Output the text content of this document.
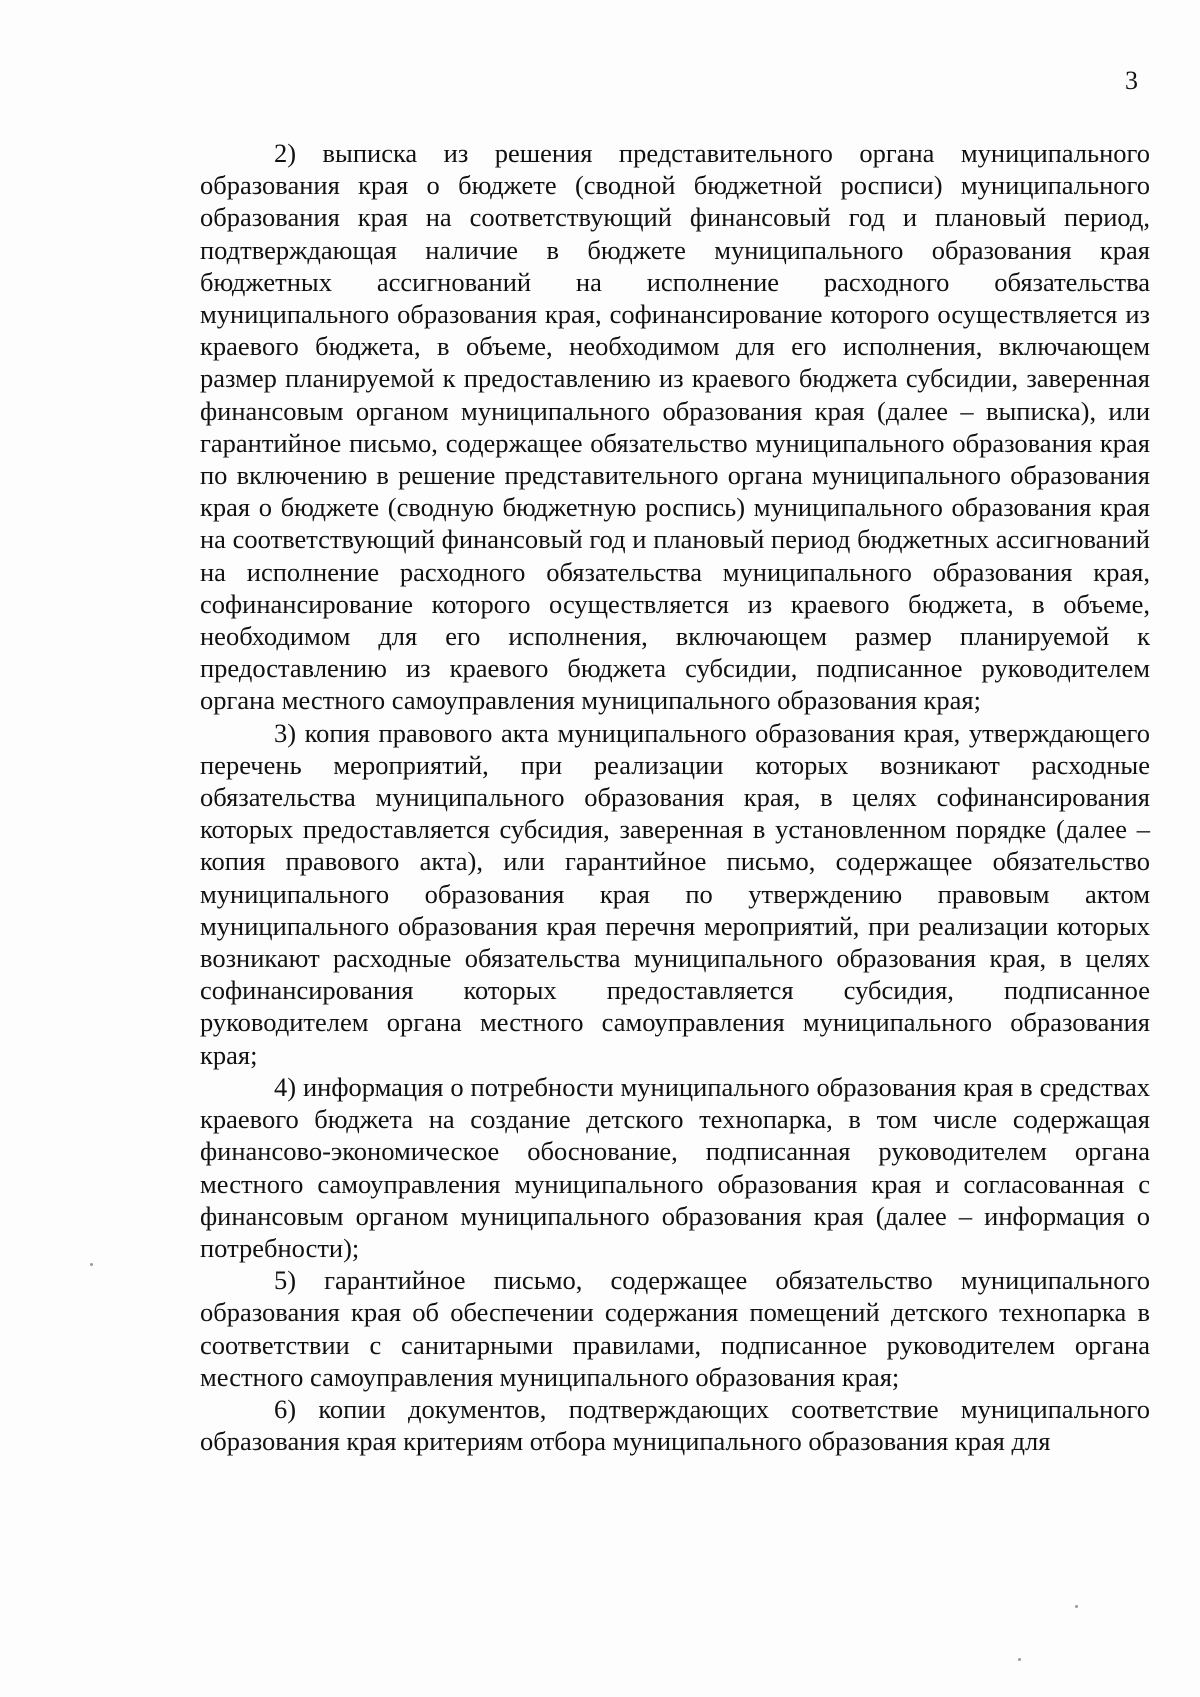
3

2) выписка из решения представительного органа муниципального образования края о бюджете (сводной бюджетной росписи) муниципального образования края на соответствующий финансовый год и плановый период, подтверждающая наличие в бюджете муниципального образования края бюджетных ассигнований на исполнение расходного обязательства муниципального образования края, софинансирование которого осуществляется из краевого бюджета, в объеме, необходимом для его исполнения, включающем размер планируемой к предоставлению из краевого бюджета субсидии, заверенная финансовым органом муниципального образования края (далее – выписка), или гарантийное письмо, содержащее обязательство муниципального образования края по включению в решение представительного органа муниципального образования края о бюджете (сводную бюджетную роспись) муниципального образования края на соответствующий финансовый год и плановый период бюджетных ассигнований на исполнение расходного обязательства муниципального образования края, софинансирование которого осуществляется из краевого бюджета, в объеме, необходимом для его исполнения, включающем размер планируемой к предоставлению из краевого бюджета субсидии, подписанное руководителем органа местного самоуправления муниципального образования края;

3) копия правового акта муниципального образования края, утверждающего перечень мероприятий, при реализации которых возникают расходные обязательства муниципального образования края, в целях софинансирования которых предоставляется субсидия, заверенная в установленном порядке (далее – копия правового акта), или гарантийное письмо, содержащее обязательство муниципального образования края по утверждению правовым актом муниципального образования края перечня мероприятий, при реализации которых возникают расходные обязательства муниципального образования края, в целях софинансирования которых предоставляется субсидия, подписанное руководителем органа местного самоуправления муниципального образования края;

4) информация о потребности муниципального образования края в средствах краевого бюджета на создание детского технопарка, в том числе содержащая финансово-экономическое обоснование, подписанная руководителем органа местного самоуправления муниципального образования края и согласованная с финансовым органом муниципального образования края (далее – информация о потребности);

5) гарантийное письмо, содержащее обязательство муниципального образования края об обеспечении содержания помещений детского технопарка в соответствии с санитарными правилами, подписанное руководителем органа местного самоуправления муниципального образования края;

6) копии документов, подтверждающих соответствие муниципального образования края критериям отбора муниципального образования края для
